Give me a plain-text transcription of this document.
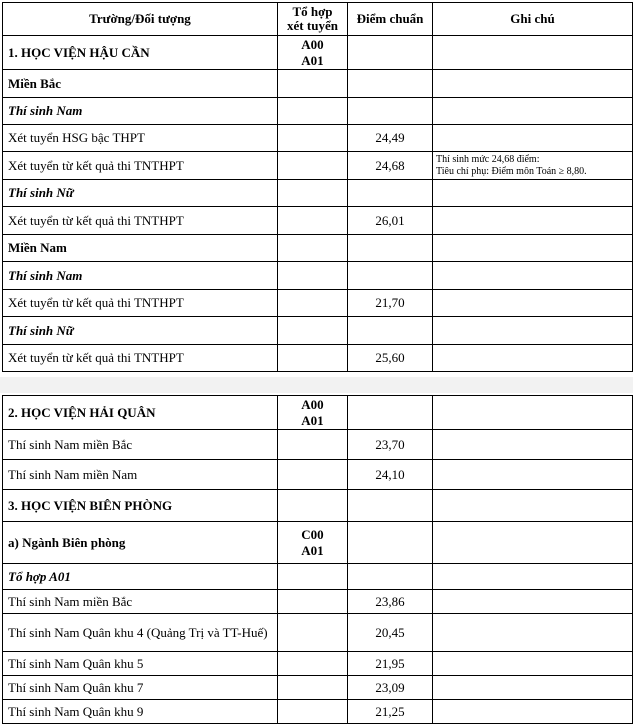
Trường/Đối tượng	Tổ hợp xét tuyển	Điểm chuẩn	Ghi chú
1. HỌC VIỆN HẬU CẦN	A00
A01		

Miền Bắc			
Thí sinh Nam			
Xét tuyển HSG bậc THPT		24,49	
Xét tuyển từ kết quả thi TNTHPT		24,68	Thí sinh mức 24,68 điểm:
Tiêu chí phụ: Điểm môn Toán ≥ 8,80.

Thí sinh Nữ			
Xét tuyển từ kết quả thi TNTHPT		26,01	
Miền Nam			
Thí sinh Nam			
Xét tuyển từ kết quả thi TNTHPT		21,70	
Thí sinh Nữ			
Xét tuyển từ kết quả thi TNTHPT		25,60	
2. HỌC VIỆN HẢI QUÂN	A00
A01		

Thí sinh Nam miền Bắc		23,70	
Thí sinh Nam miền Nam		24,10	
3. HỌC VIỆN BIÊN PHÒNG			
a) Ngành Biên phòng	C00
A01		

Tổ hợp A01			
Thí sinh Nam miền Bắc		23,86	
Thí sinh Nam Quân khu 4 (Quảng Trị và TT-Huế)		20,45	
Thí sinh Nam Quân khu 5		21,95	
Thí sinh Nam Quân khu 7		23,09	
Thí sinh Nam Quân khu 9		21,25	
